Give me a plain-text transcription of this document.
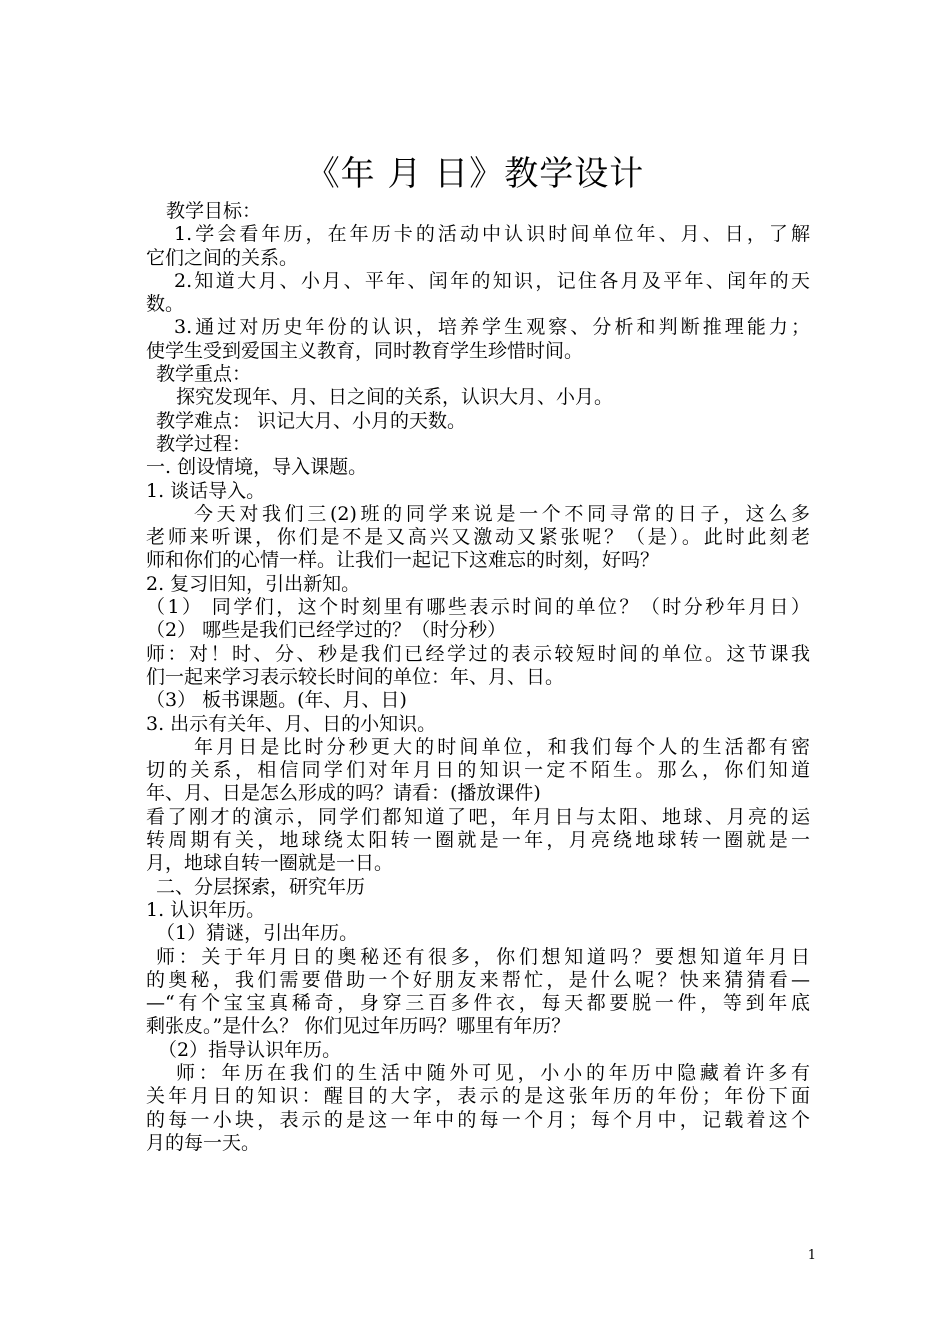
《年 月 日》教学设计
教学目标：
1.学会看年历，在年历卡的活动中认识时间单位年、月、日，了解
它们之间的关系。
2.知道大月、小月、平年、闰年的知识，记住各月及平年、闰年的天
数。
3.通过对历史年份的认识，培养学生观察、分析和判断推理能力；
使学生受到爱国主义教育，同时教育学生珍惜时间。
教学重点：
探究发现年、月、日之间的关系，认识大月、小月。
教学难点： 识记大月、小月的天数。
教学过程：
一. 创设情境，导入课题。
1. 谈话导入。
今天对我们三(2)班的同学来说是一个不同寻常的日子，这么多
老师来听课，你们是不是又高兴又激动又紧张呢？（是）。此时此刻老
师和你们的心情一样。让我们一起记下这难忘的时刻，好吗？
2. 复习旧知，引出新知。
（1） 同学们，这个时刻里有哪些表示时间的单位？（时分秒年月日）
（2） 哪些是我们已经学过的？（时分秒）
师：对！时、分、秒是我们已经学过的表示较短时间的单位。这节课我
们一起来学习表示较长时间的单位：年、月、日。
（3） 板书课题。(年、月、日)
3. 出示有关年、月、日的小知识。
年月日是比时分秒更大的时间单位，和我们每个人的生活都有密
切的关系，相信同学们对年月日的知识一定不陌生。那么，你们知道
年、月、日是怎么形成的吗？请看：(播放课件)
看了刚才的演示，同学们都知道了吧，年月日与太阳、地球、月亮的运
转周期有关，地球绕太阳转一圈就是一年，月亮绕地球转一圈就是一
月，地球自转一圈就是一日。
二、分层探索，研究年历
1. 认识年历。
（1）猜谜，引出年历。
师：关于年月日的奥秘还有很多，你们想知道吗？要想知道年月日
的奥秘，我们需要借助一个好朋友来帮忙，是什么呢？快来猜猜看—
—“有个宝宝真稀奇，身穿三百多件衣，每天都要脱一件，等到年底
剩张皮。”是什么？ 你们见过年历吗？哪里有年历？
（2）指导认识年历。
师：年历在我们的生活中随外可见，小小的年历中隐藏着许多有
关年月日的知识：醒目的大字，表示的是这张年历的年份；年份下面
的每一小块，表示的是这一年中的每一个月；每个月中，记载着这个
月的每一天。
1
